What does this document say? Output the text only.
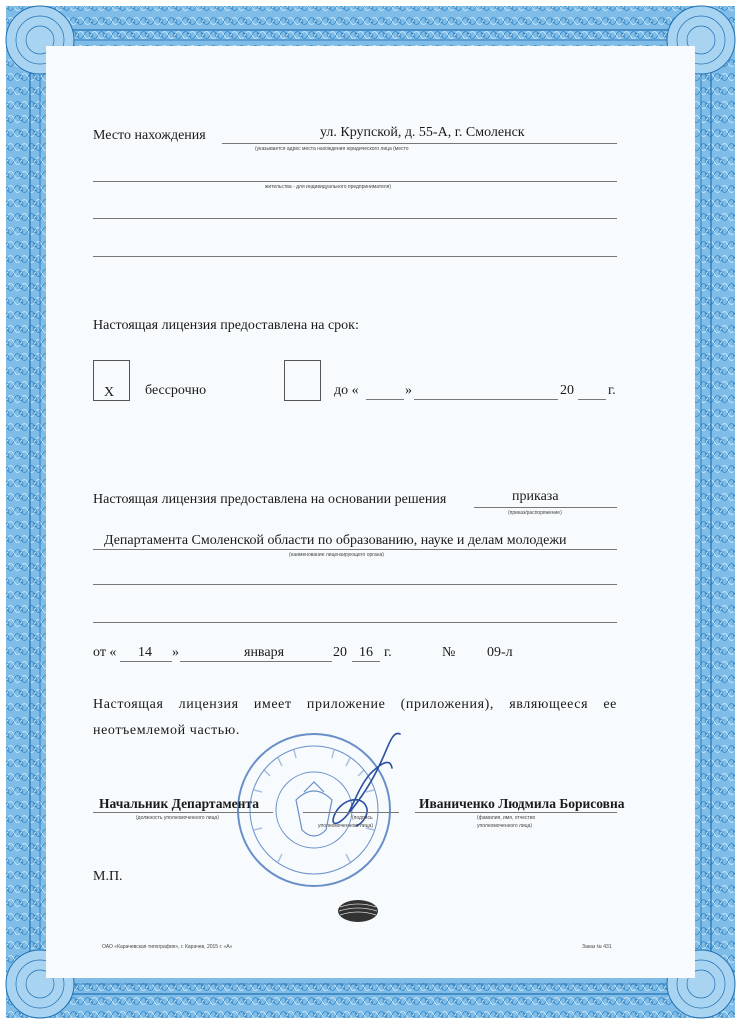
Место нахождения	ул. Крупской, д. 55-А, г. Смоленск
(указывается адрес места нахождения юридического лица (место
жительства - для индивидуального предпринимателя)
Настоящая лицензия предоставлена на срок:
Х бессрочно	до «	»	20 г.
Настоящая лицензия предоставлена на основании решения	приказа
(приказ/распоряжение)
Департамента Смоленской области по образованию, науке и делам молодежи
(наименование лицензирующего органа)
от « 14 »	января	20 16 г.	№ 09-л
Настоящая лицензия имеет приложение (приложения), являющееся ее неотъемлемой частью.
Начальник Департамента
(должность уполномоченного лица)	(подпись
уполномоченного лица)
Иваниченко Людмила Борисовна
(фамилия, имя, отчество
уполномоченного лица)
М.П.
ОАО «Карачевская типография», г. Карачев, 2015 г. «А»	Заказ № 431
